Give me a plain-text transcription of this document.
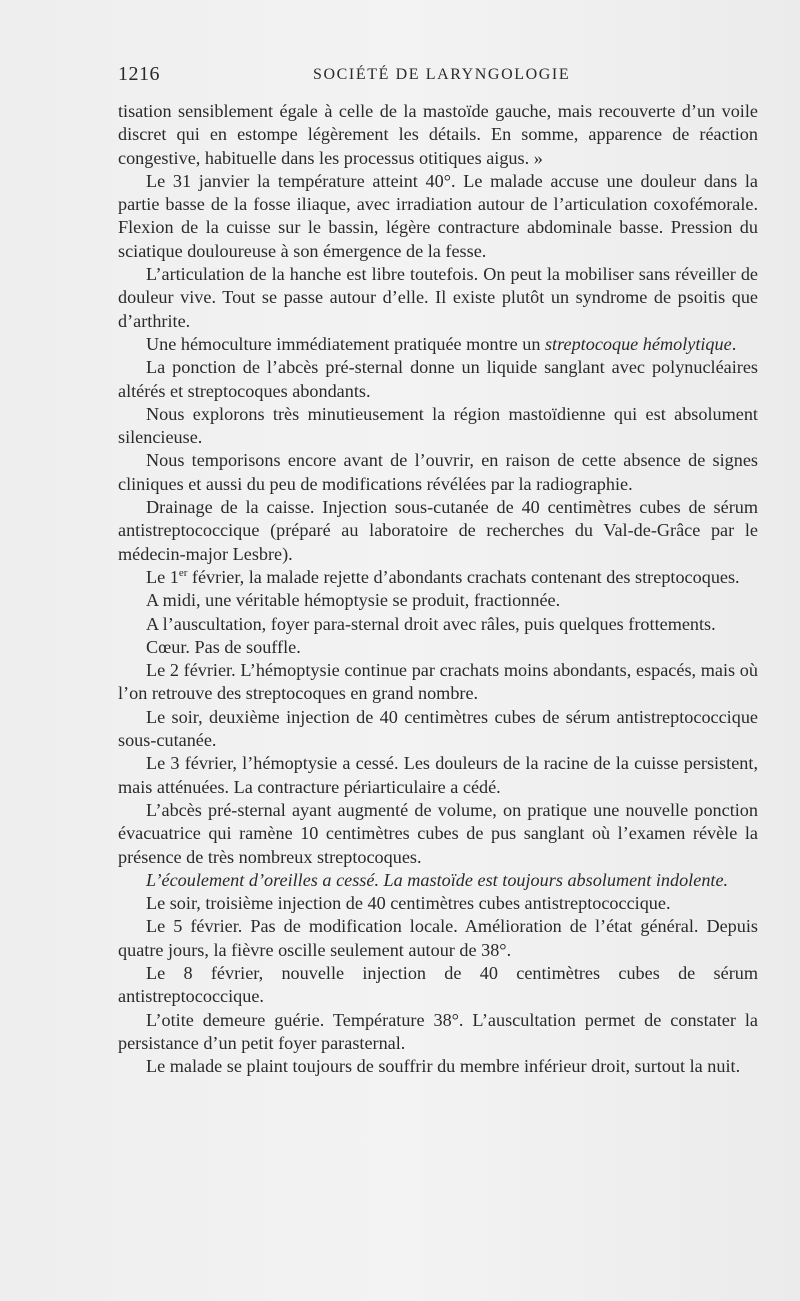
1216	SOCIÉTÉ DE LARYNGOLOGIE

tisation sensiblement égale à celle de la mastoïde gauche, mais recouverte d’un voile discret qui en estompe légèrement les détails. En somme, apparence de réaction congestive, habituelle dans les processus otitiques aigus. »

Le 31 janvier la température atteint 40°. Le malade accuse une douleur dans la partie basse de la fosse iliaque, avec irradiation autour de l’articulation coxofémorale. Flexion de la cuisse sur le bassin, légère contracture abdominale basse. Pression du sciatique douloureuse à son émergence de la fesse.

L’articulation de la hanche est libre toutefois. On peut la mobiliser sans réveiller de douleur vive. Tout se passe autour d’elle. Il existe plutôt un syndrome de psoitis que d’arthrite.

Une hémoculture immédiatement pratiquée montre un streptocoque hémolytique.

La ponction de l’abcès pré-sternal donne un liquide sanglant avec polynucléaires altérés et streptocoques abondants.

Nous explorons très minutieusement la région mastoïdienne qui est absolument silencieuse.

Nous temporisons encore avant de l’ouvrir, en raison de cette absence de signes cliniques et aussi du peu de modifications révélées par la radiographie.

Drainage de la caisse. Injection sous-cutanée de 40 centimètres cubes de sérum antistreptococcique (préparé au laboratoire de recherches du Val-de-Grâce par le médecin-major Lesbre).

Le 1er février, la malade rejette d’abondants crachats contenant des streptocoques.

A midi, une véritable hémoptysie se produit, fractionnée.

A l’auscultation, foyer para-sternal droit avec râles, puis quelques frottements.

Cœur. Pas de souffle.

Le 2 février. L’hémoptysie continue par crachats moins abondants, espacés, mais où l’on retrouve des streptocoques en grand nombre.

Le soir, deuxième injection de 40 centimètres cubes de sérum antistreptococcique sous-cutanée.

Le 3 février, l’hémoptysie a cessé. Les douleurs de la racine de la cuisse persistent, mais atténuées. La contracture périarticulaire a cédé.

L’abcès pré-sternal ayant augmenté de volume, on pratique une nouvelle ponction évacuatrice qui ramène 10 centimètres cubes de pus sanglant où l’examen révèle la présence de très nombreux streptocoques.

L’écoulement d’oreilles a cessé. La mastoïde est toujours absolument indolente.

Le soir, troisième injection de 40 centimètres cubes antistreptococcique.

Le 5 février. Pas de modification locale. Amélioration de l’état général. Depuis quatre jours, la fièvre oscille seulement autour de 38°.

Le 8 février, nouvelle injection de 40 centimètres cubes de sérum antistreptococcique.

L’otite demeure guérie. Température 38°. L’auscultation permet de constater la persistance d’un petit foyer parasternal.

Le malade se plaint toujours de souffrir du membre inférieur droit, surtout la nuit.
